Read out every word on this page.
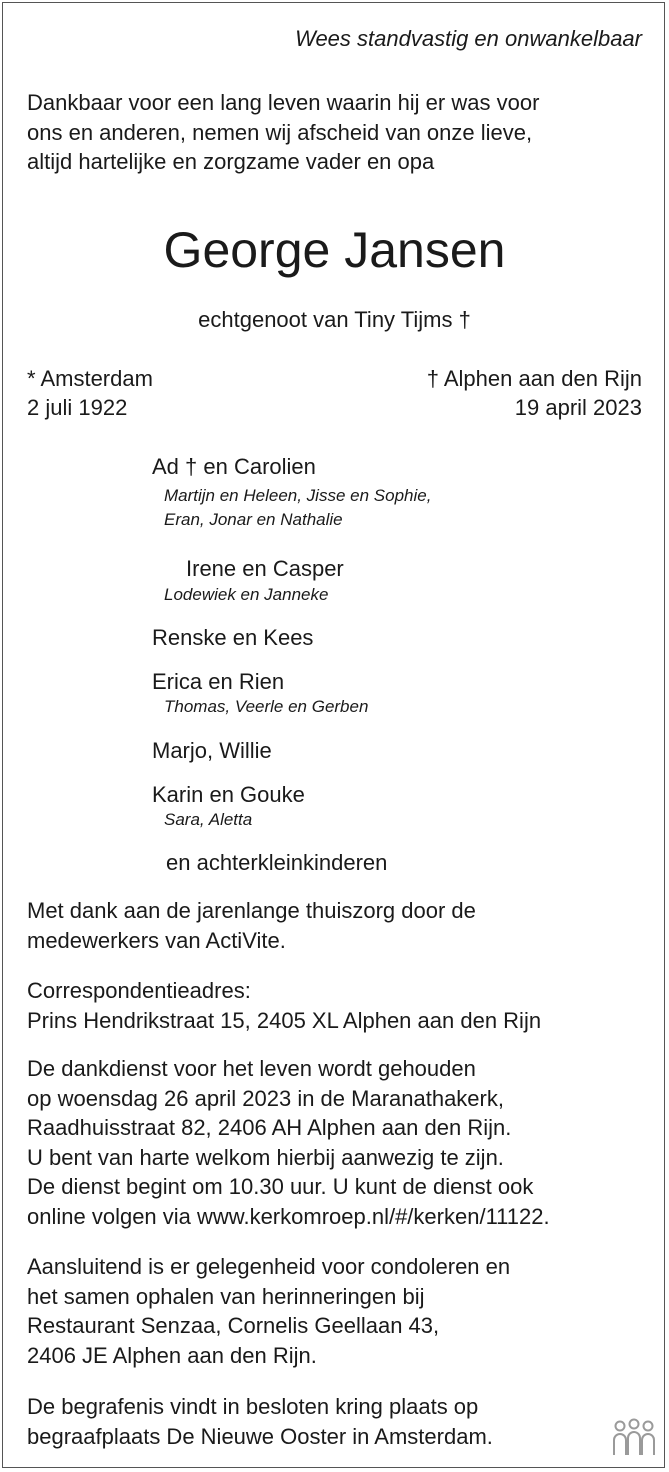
Wees standvastig en onwankelbaar
Dankbaar voor een lang leven waarin hij er was voor
ons en anderen, nemen wij afscheid van onze lieve,
altijd hartelijke en zorgzame vader en opa
George Jansen
echtgenoot van Tiny Tijms †
* Amsterdam
2 juli 1922
† Alphen aan den Rijn
19 april 2023
Ad † en Carolien
Martijn en Heleen, Jisse en Sophie,
Eran, Jonar en Nathalie
Irene en Casper
Lodewiek en Janneke
Renske en Kees
Erica en Rien
Thomas, Veerle en Gerben
Marjo, Willie
Karin en Gouke
Sara, Aletta
en achterkleinkinderen
Met dank aan de jarenlange thuiszorg door de
medewerkers van ActiVite.
Correspondentieadres:
Prins Hendrikstraat 15, 2405 XL Alphen aan den Rijn
De dankdienst voor het leven wordt gehouden
op woensdag 26 april 2023 in de Maranathakerk,
Raadhuisstraat 82, 2406 AH Alphen aan den Rijn.
U bent van harte welkom hierbij aanwezig te zijn.
De dienst begint om 10.30 uur. U kunt de dienst ook
online volgen via www.kerkomroep.nl/#/kerken/11122.
Aansluitend is er gelegenheid voor condoleren en
het samen ophalen van herinneringen bij
Restaurant Senzaa, Cornelis Geellaan 43,
2406 JE Alphen aan den Rijn.
De begrafenis vindt in besloten kring plaats op
begraafplaats De Nieuwe Ooster in Amsterdam.
